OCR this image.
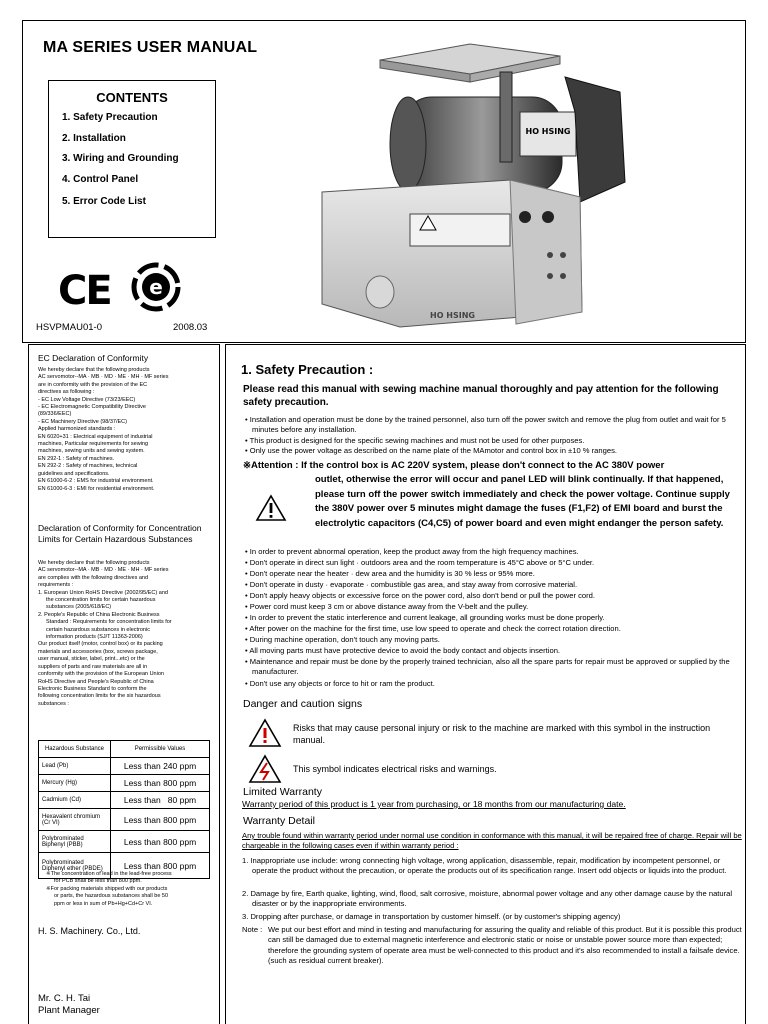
MA SERIES USER MANUAL
CONTENTS
1. Safety Precaution
2. Installation
3. Wiring and Grounding
4. Control Panel
5. Error Code List
CE e
HSVPMAU01-0	2008.03
HO HSING
HO HSING
EC Declaration of Conformity
We hereby declare that the following products
AC servomotor--MA · MB · MD · ME · MH · MF series
are in conformity with the provision of the EC
directives as following :
- EC Low Voltage Directive (73/23/EEC)
- EC Electromagnetic Compatibility Directive
(89/336/EEC)
- EC Machinery Directive (98/37/EC)
Applied harmonized standards :
EN 6020+31 : Electrical equipment of industrial
machines, Particular requirements for sewing
machines, sewing units and sewing system.
EN 292-1 : Safety of machines.
EN 292-2 : Safety of machines, technical
guidelines and specifications.
EN 61000-6-2 : EMS for industrial environment.
EN 61000-6-3 : EMI for residential environment.
Declaration of Conformity for Concentration Limits for Certain Hazardous Substances
We hereby declare that the following products
AC servomotor--MA · MB · MD · ME · MH · MF series
are complies with the following directives and
requirements :
1. European Union RoHS Directive (2002/95/EC) and
the concentration limits for certain hazardous
substances (2005/618/EC)
2. People's Republic of China Electronic Business
Standard : Requirements for concentration limits for
certain hazardous substances in electronic
information products (SJ/T 11363-2006)
Our product itself (motor, control box) or its packing
materials and accessories (box, screws package,
user manual, sticker, label, print...etc) or the
suppliers of parts and raw materials are all in
conformity with the provision of the European Union
RoHS Directive and People's Republic of China
Electronic Business Standard to conform the
following concentration limits for the six hazardous
substances :
Hazardous Substance	Permissible Values
Lead (Pb)	Less than 240 ppm
Mercury (Hg)	Less than 800 ppm
Cadmium (Cd)	Less than   80 ppm
Hexavalent chromium (Cr VI)	Less than 800 ppm
Polybrominated Biphenyl (PBB)	Less than 800 ppm
Polybrominated Diphenyl ether (PBDE)	Less than 800 ppm
※The concentration of lead in the lead-free process
for PCB shall be less than 800 ppm.
※For packing materials shipped with our products
or parts, the hazardous substances shall be 50
ppm or less in sum of Pb+Hg+Cd+Cr VI.
H. S. Machinery. Co., Ltd.
Mr. C. H. Tai
Plant Manager
1. Safety Precaution :
Please read this manual with sewing machine manual thoroughly and pay attention for the following safety precaution.
• Installation and operation must be done by the trained personnel, also turn off the power switch and remove the plug from outlet and wait for 5 minutes before any installation.
• This product is designed for the specific sewing machines and must not be used for other purposes.
• Only use the power voltage as described on the name plate of the MAmotor and control box in ±10 % ranges.
※Attention : If the control box is AC 220V system, please don't connect to the AC 380V power
outlet, otherwise the error will occur and panel LED will blink continually. If that happened, please turn off the power switch immediately and check the power voltage. Continue supply the 380V power over 5 minutes might damage the fuses (F1,F2) of EMI board and burst the electrolytic capacitors (C4,C5) of power board and even might endanger the person safety.
• In order to prevent abnormal operation, keep the product away from the high frequency machines.
• Don't operate in direct sun light · outdoors area and the room temperature is 45°C above or 5°C under.
• Don't operate near the heater · dew area and the humidity is 30 % less or 95% more.
• Don't operate in dusty · evaporate · combustible gas area, and stay away from corrosive material.
• Don't apply heavy objects or excessive force on the power cord, also don't bend or pull the power cord.
• Power cord must keep 3 cm or above distance away from the V-belt and the pulley.
• In order to prevent the static interference and current leakage, all grounding works must be done properly.
• After power on the machine for the first time, use low speed to operate and check the correct rotation direction.
• During machine operation, don't touch any moving parts.
• All moving parts must have protective device to avoid the body contact and objects insertion.
• Maintenance and repair must be done by the properly trained technician, also all the spare parts for repair must be approved or supplied by the manufacturer.
• Don't use any objects or force to hit or ram the product.
Danger and caution signs
Risks that may cause personal injury or risk to the machine are marked with this symbol in the instruction manual.
This symbol indicates electrical risks and warnings.
Limited Warranty
Warranty period of this product is 1 year from purchasing, or 18 months from our manufacturing date.
Warranty Detail
Any trouble found within warranty period under normal use condition in conformance with this manual, it will be repaired free of charge. Repair will be chargeable in the following cases even if within warranty period :
1. Inappropriate use include: wrong connecting high voltage, wrong application, disassemble, repair, modification by incompetent personnel, or operate the product without the precaution, or operate the products out of its specification range. Insert odd objects or liquids into the product.
2. Damage by fire, Earth quake, lighting, wind, flood, salt corrosive, moisture, abnormal power voltage and any other damage cause by the natural disaster or by the inappropriate environments.
3. Dropping after purchase, or damage in transportation by customer himself. (or by customer's shipping agency)
Note : We put our best effort and mind in testing and manufacturing for assuring the quality and reliable of this product. But it is possible this product can still be damaged due to external magnetic interference and electronic static or noise or unstable power source more than expected; therefore the grounding system of operate area must be well-connected to this product and it's also recommended to install a failsafe device. (such as residual current breaker).
